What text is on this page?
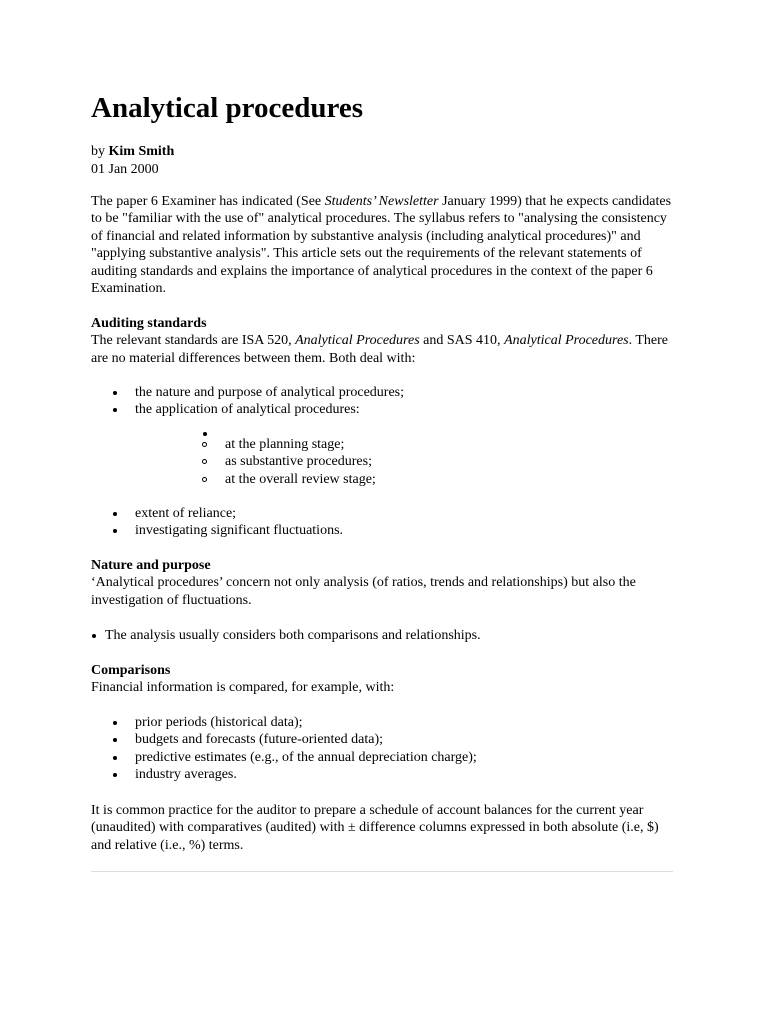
Analytical procedures
by Kim Smith
01 Jan 2000

The paper 6 Examiner has indicated (See Students’ Newsletter January 1999) that he expects candidates to be "familiar with the use of" analytical procedures. The syllabus refers to "analysing the consistency of financial and related information by substantive analysis (including analytical procedures)" and "applying substantive analysis". This article sets out the requirements of the relevant statements of auditing standards and explains the importance of analytical procedures in the context of the paper 6 Examination.

Auditing standards
The relevant standards are ISA 520, Analytical Procedures and SAS 410, Analytical Procedures. There are no material differences between them. Both deal with:
the nature and purpose of analytical procedures;
the application of analytical procedures:
at the planning stage;
as substantive procedures;
at the overall review stage;
extent of reliance;
investigating significant fluctuations.
Nature and purpose
‘Analytical procedures’ concern not only analysis (of ratios, trends and relationships) but also the investigation of fluctuations.
The analysis usually considers both comparisons and relationships.
Comparisons
Financial information is compared, for example, with:
prior periods (historical data);
budgets and forecasts (future-oriented data);
predictive estimates (e.g., of the annual depreciation charge);
industry averages.

It is common practice for the auditor to prepare a schedule of account balances for the current year (unaudited) with comparatives (audited) with ± difference columns expressed in both absolute (i.e, $) and relative (i.e., %) terms.
